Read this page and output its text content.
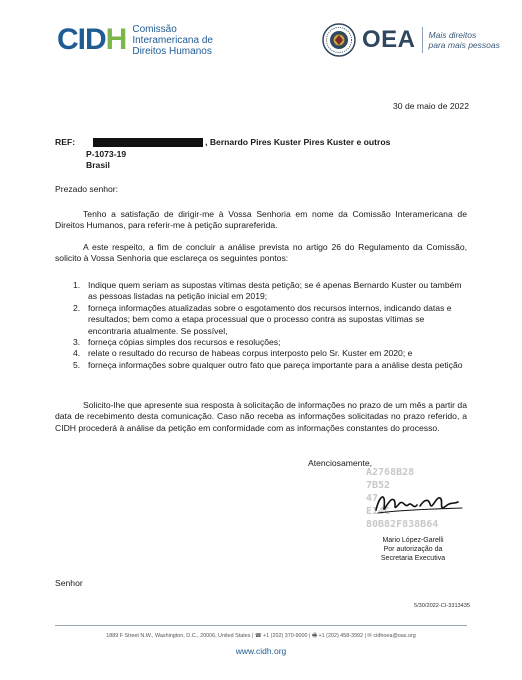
CIDH Comissão
Interamericana de
Direitos Humanos	OEA Mais direitos
para mais pessoas
30 de maio de 2022
REF:	, Bernardo Pires Kuster Pires Kuster e outros
P-1073-19
Brasil
Prezado senhor:
Tenho a satisfação de dirigir-me à Vossa Senhoria em nome da Comissão Interamericana de Direitos Humanos, para referir-me à petição suprareferida.
A este respeito, a fim de concluir a análise prevista no artigo 26 do Regulamento da Comissão, solicito à Vossa Senhoria que esclareça os seguintes pontos:
1. Indique quem seriam as supostas vítimas desta petição; se é apenas Bernardo Kuster ou também as pessoas listadas na petição inicial em 2019;
2. forneça informações atualizadas sobre o esgotamento dos recursos internos, indicando datas e resultados; bem como a etapa processual que o processo contra as supostas vítimas se encontraria atualmente. Se possível,
3. forneça cópias simples dos recursos e resoluções;
4. relate o resultado do recurso de habeas corpus interposto pelo Sr. Kuster em 2020; e
5. forneça informações sobre qualquer outro fato que pareça importante para a análise desta petição
Solicito-lhe que apresente sua resposta à solicitação de informações no prazo de um mês a partir da data de recebimento desta comunicação. Caso não receba as informações solicitadas no prazo referido, a CIDH procederá à análise da petição em conformidade com as informações constantes do processo.
Atenciosamente,
A2768B28
7B52
47
E14C
80B82F838B64
Mario López-Garelli
Por autorização da
Secretaria Executiva
Senhor
5/30/2022-CI-3313435
1889 F Street N.W., Washington, D.C., 20006, United States | ☎ +1 (202) 370-9000 | 🖷 +1 (202) 458-3992 | ✉ cidhoea@oas.org
www.cidh.org
